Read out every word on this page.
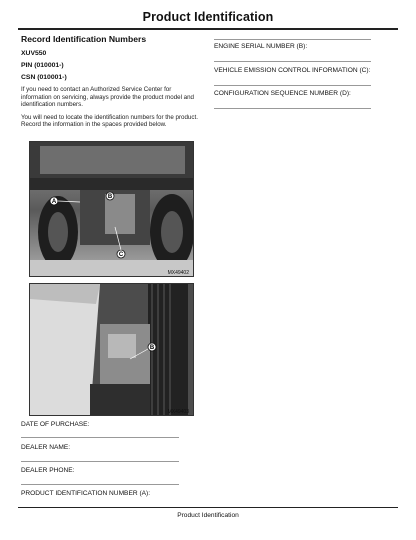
Product Identification
Record Identification Numbers
XUV550
PIN (010001-)
CSN (010001-)
If you need to contact an Authorized Service Center for information on servicing, always provide the product model and identification numbers.
You will need to locate the identification numbers for the product. Record the information in the spaces provided below.
A
B
C
MX49402
B
MX49403
DATE OF PURCHASE:
DEALER NAME:
DEALER PHONE:
PRODUCT IDENTIFICATION NUMBER (A):
ENGINE SERIAL NUMBER (B):
VEHICLE EMISSION CONTROL INFORMATION (C):
CONFIGURATION SEQUENCE NUMBER (D):
Product Identification
